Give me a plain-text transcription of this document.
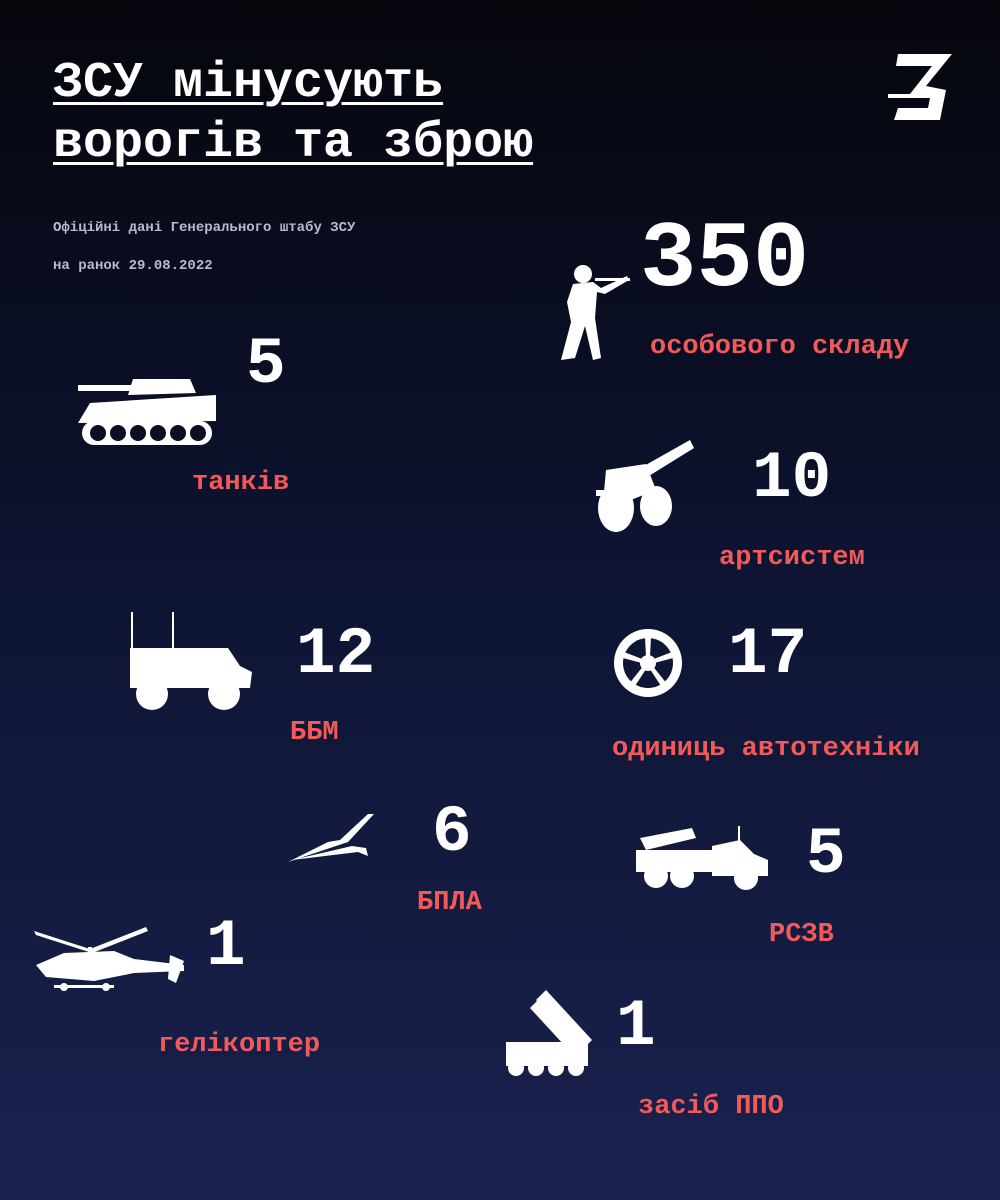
ЗСУ мінусують
ворогів та зброю
Офіційні дані Генерального штабу ЗСУ
на ранок 29.08.2022	350
особового складу
5
танків	10
артсистем
12
ББМ
17
одиниць автотехніки
6
БПЛА
5
РСЗВ
1
гелікоптер	1
засіб ППО
